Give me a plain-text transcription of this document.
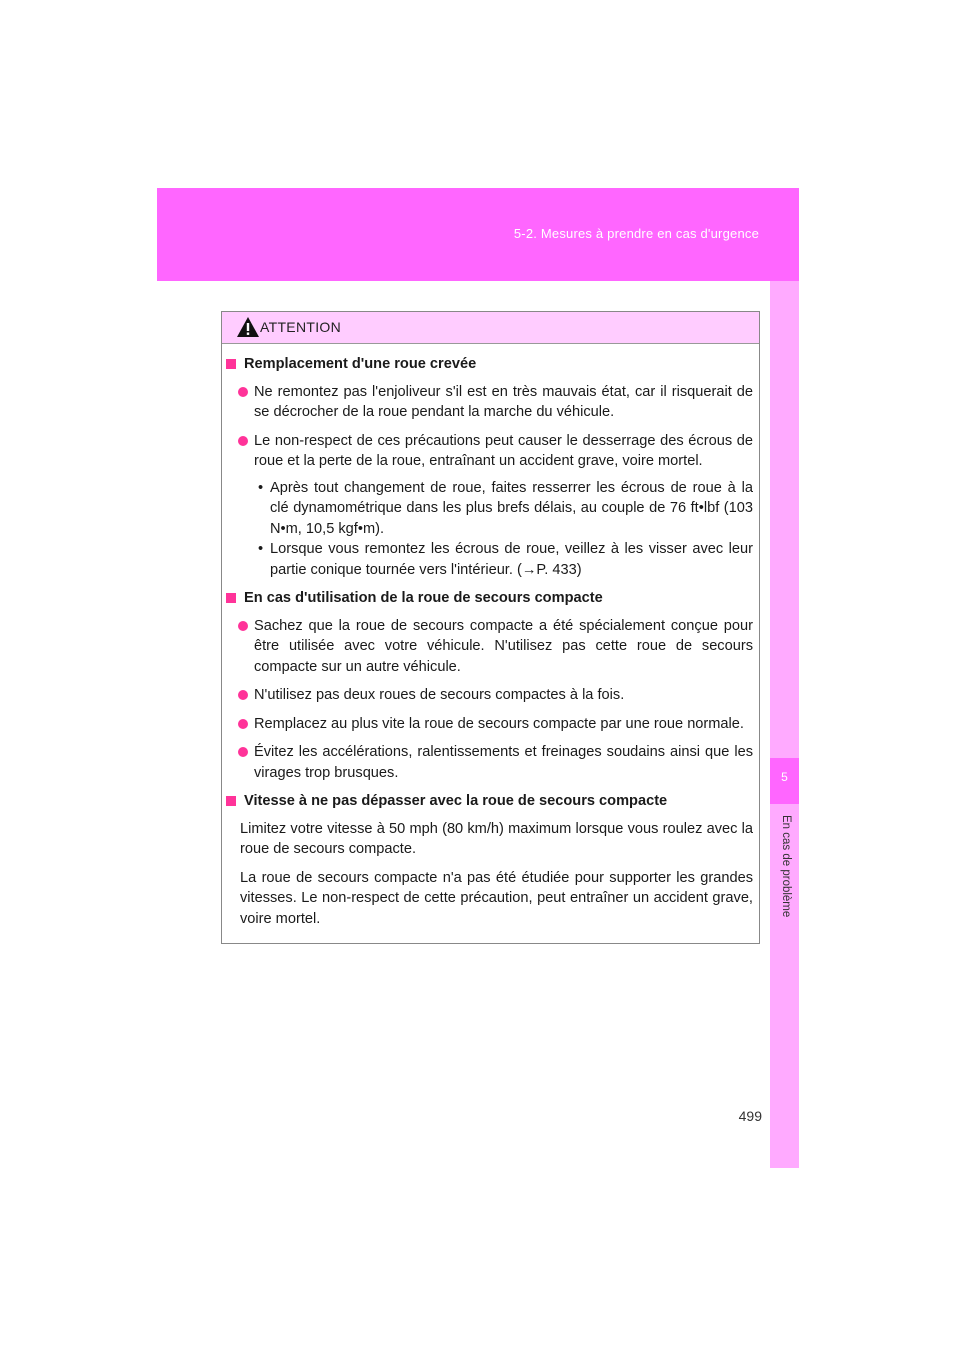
5-2. Mesures à prendre en cas d'urgence
5
En cas de problème
ATTENTION
Remplacement d'une roue crevée
Ne remontez pas l'enjoliveur s'il est en très mauvais état, car il risquerait de se décrocher de la roue pendant la marche du véhicule.
Le non-respect de ces précautions peut causer le desserrage des écrous de roue et la perte de la roue, entraînant un accident grave, voire mortel.
• Après tout changement de roue, faites resserrer les écrous de roue à la clé dynamométrique dans les plus brefs délais, au couple de 76 ft•lbf (103 N•m, 10,5 kgf•m).
• Lorsque vous remontez les écrous de roue, veillez à les visser avec leur partie conique tournée vers l'intérieur. (→P. 433)
En cas d'utilisation de la roue de secours compacte
Sachez que la roue de secours compacte a été spécialement conçue pour être utilisée avec votre véhicule. N'utilisez pas cette roue de secours compacte sur un autre véhicule.
N'utilisez pas deux roues de secours compactes à la fois.
Remplacez au plus vite la roue de secours compacte par une roue normale.
Évitez les accélérations, ralentissements et freinages soudains ainsi que les virages trop brusques.
Vitesse à ne pas dépasser avec la roue de secours compacte
Limitez votre vitesse à 50 mph (80 km/h) maximum lorsque vous roulez avec la roue de secours compacte.
La roue de secours compacte n'a pas été étudiée pour supporter les grandes vitesses. Le non-respect de cette précaution, peut entraîner un accident grave, voire mortel.
499
